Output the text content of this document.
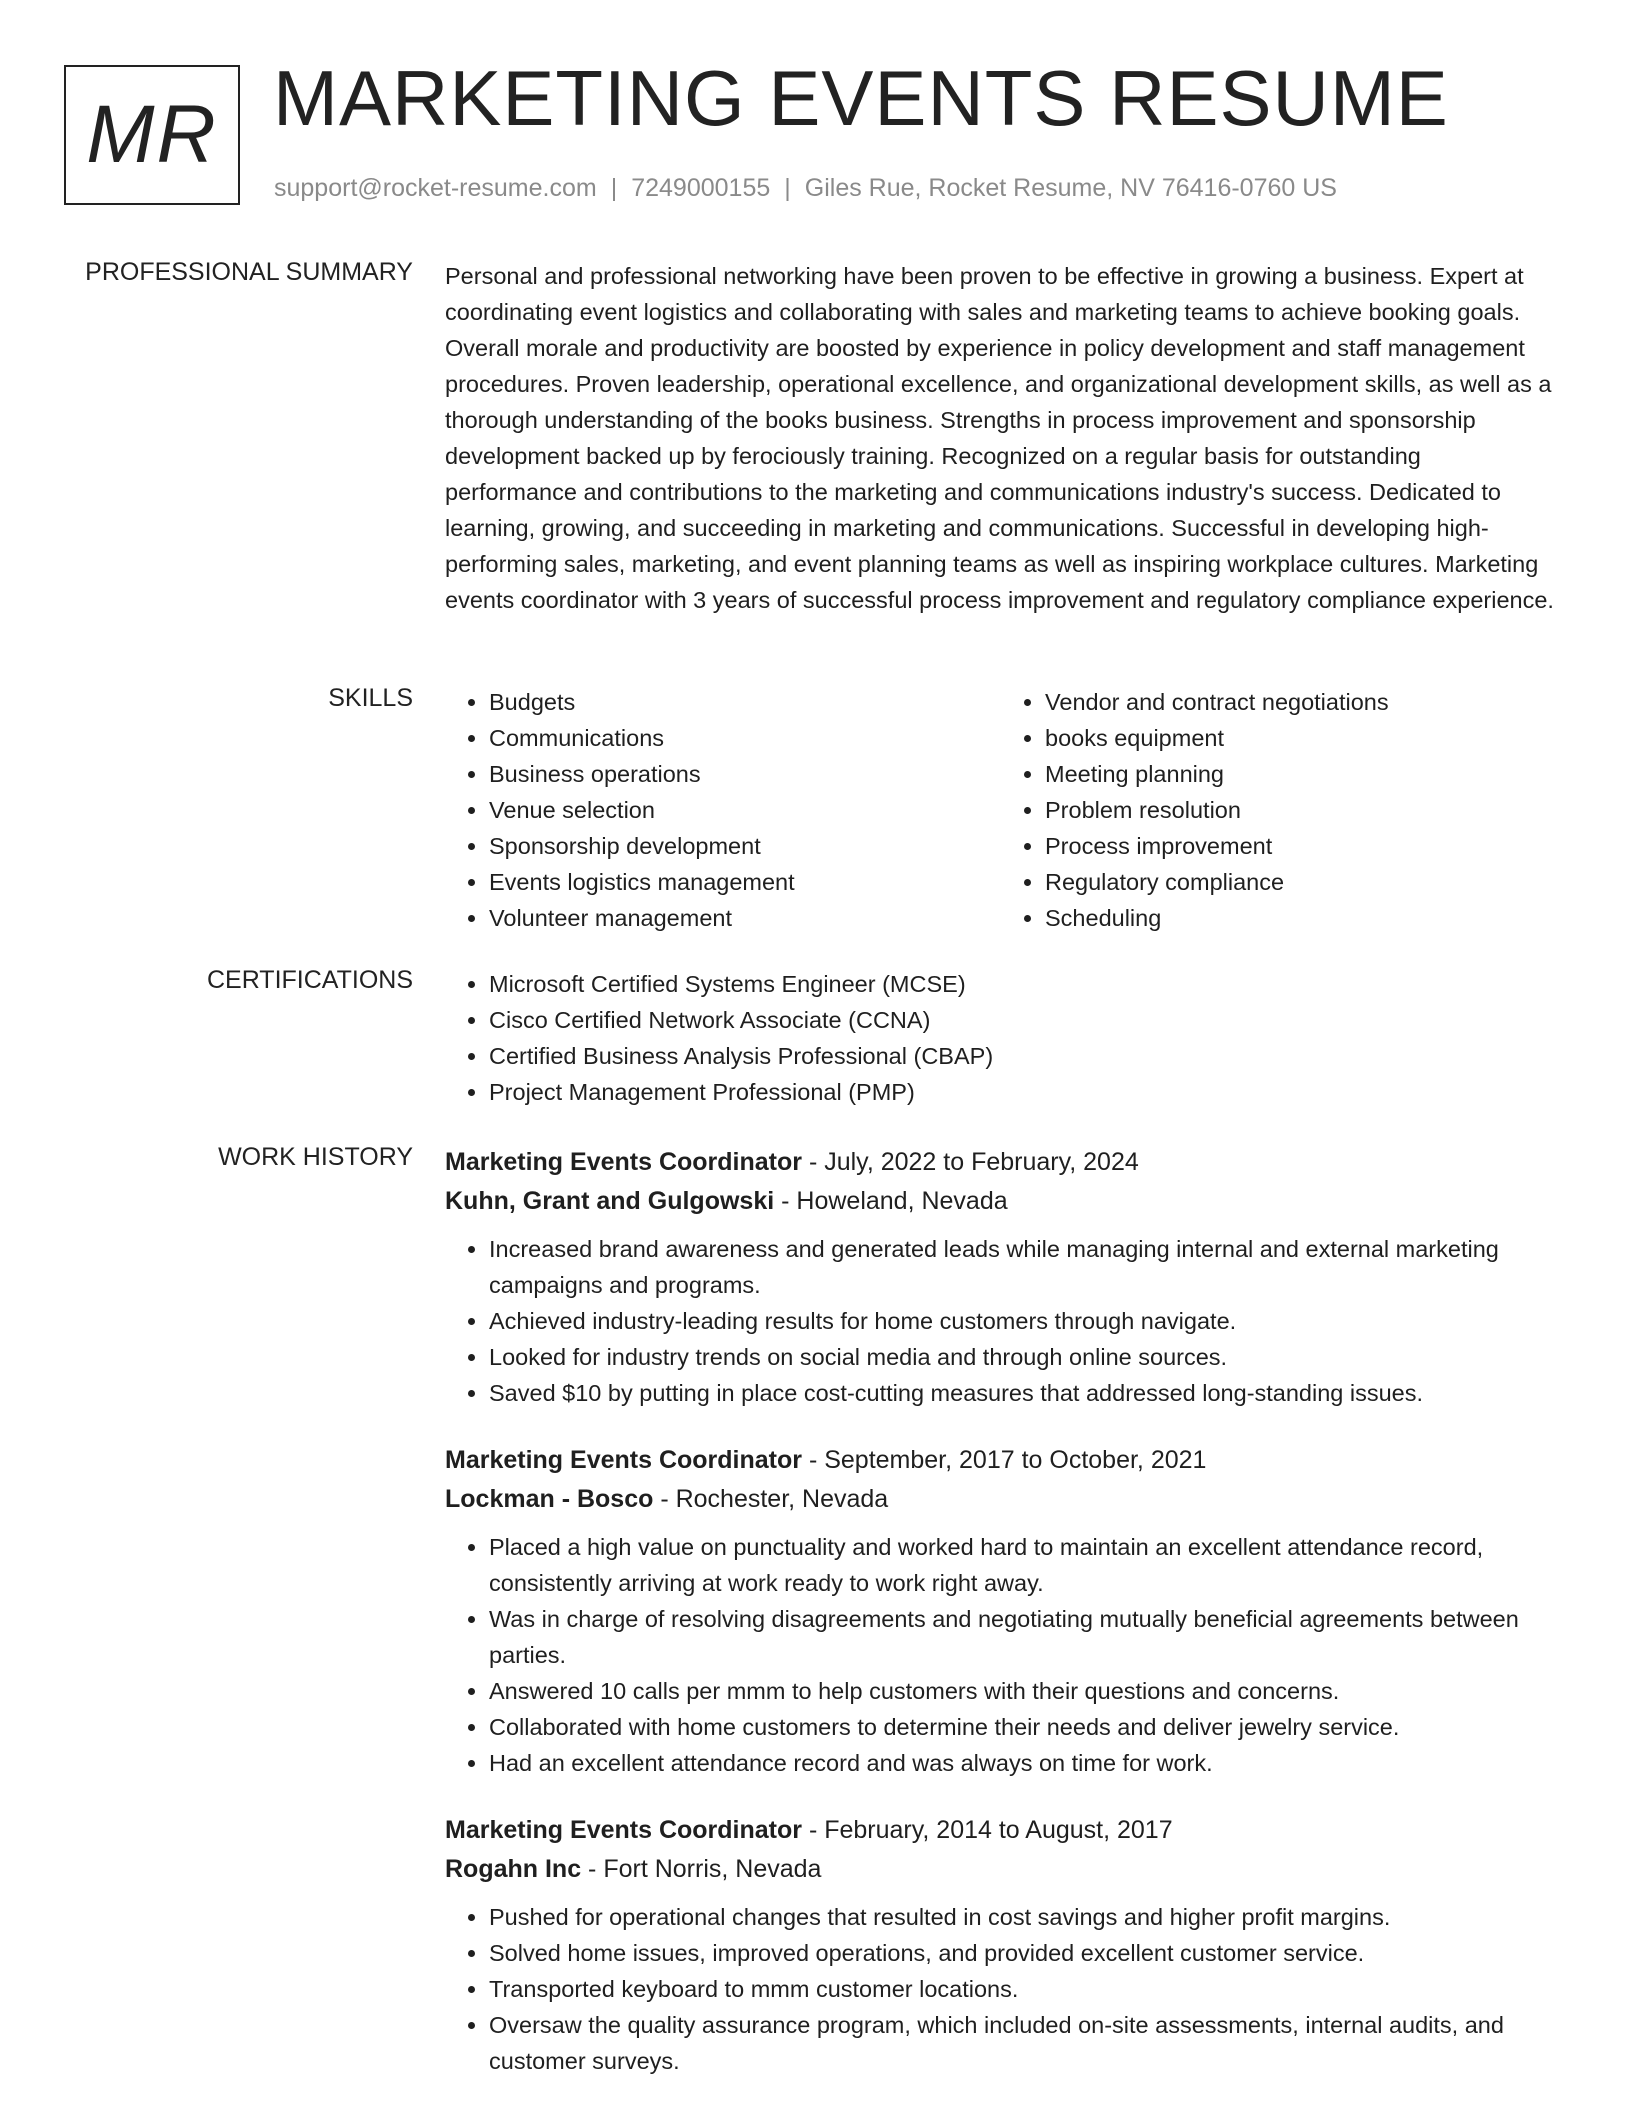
MR MARKETING EVENTS RESUME
support@rocket-resume.com | 7249000155 | Giles Rue, Rocket Resume, NV 76416-0760 US
PROFESSIONAL SUMMARY Personal and professional networking have been proven to be effective in growing a business. Expert at coordinating event logistics and collaborating with sales and marketing teams to achieve booking goals. Overall morale and productivity are boosted by experience in policy development and staff management procedures. Proven leadership, operational excellence, and organizational development skills, as well as a thorough understanding of the books business. Strengths in process improvement and sponsorship development backed up by ferociously training. Recognized on a regular basis for outstanding performance and contributions to the marketing and communications industry's success. Dedicated to learning, growing, and succeeding in marketing and communications. Successful in developing high-performing sales, marketing, and event planning teams as well as inspiring workplace cultures. Marketing events coordinator with 3 years of successful process improvement and regulatory compliance experience.

SKILLS	• Budgets
• Communications
• Business operations
• Venue selection
• Sponsorship development
• Events logistics management
• Volunteer management
• Vendor and contract negotiations
• books equipment
• Meeting planning
• Problem resolution
• Process improvement
• Regulatory compliance
• Scheduling
CERTIFICATIONS	• Microsoft Certified Systems Engineer (MCSE)
• Cisco Certified Network Associate (CCNA)
• Certified Business Analysis Professional (CBAP)
• Project Management Professional (PMP)
WORK HISTORY Marketing Events Coordinator - July, 2022 to February, 2024
Kuhn, Grant and Gulgowski - Howeland, Nevada
• Increased brand awareness and generated leads while managing internal and external marketing campaigns and programs.
• Achieved industry-leading results for home customers through navigate.
• Looked for industry trends on social media and through online sources.
• Saved $10 by putting in place cost-cutting measures that addressed long-standing issues.
Marketing Events Coordinator - September, 2017 to October, 2021
Lockman - Bosco - Rochester, Nevada
• Placed a high value on punctuality and worked hard to maintain an excellent attendance record, consistently arriving at work ready to work right away.
• Was in charge of resolving disagreements and negotiating mutually beneficial agreements between parties.
• Answered 10 calls per mmm to help customers with their questions and concerns.
• Collaborated with home customers to determine their needs and deliver jewelry service.
• Had an excellent attendance record and was always on time for work.
Marketing Events Coordinator - February, 2014 to August, 2017
Rogahn Inc - Fort Norris, Nevada
• Pushed for operational changes that resulted in cost savings and higher profit margins.
• Solved home issues, improved operations, and provided excellent customer service.
• Transported keyboard to mmm customer locations.
• Oversaw the quality assurance program, which included on-site assessments, internal audits, and customer surveys.
